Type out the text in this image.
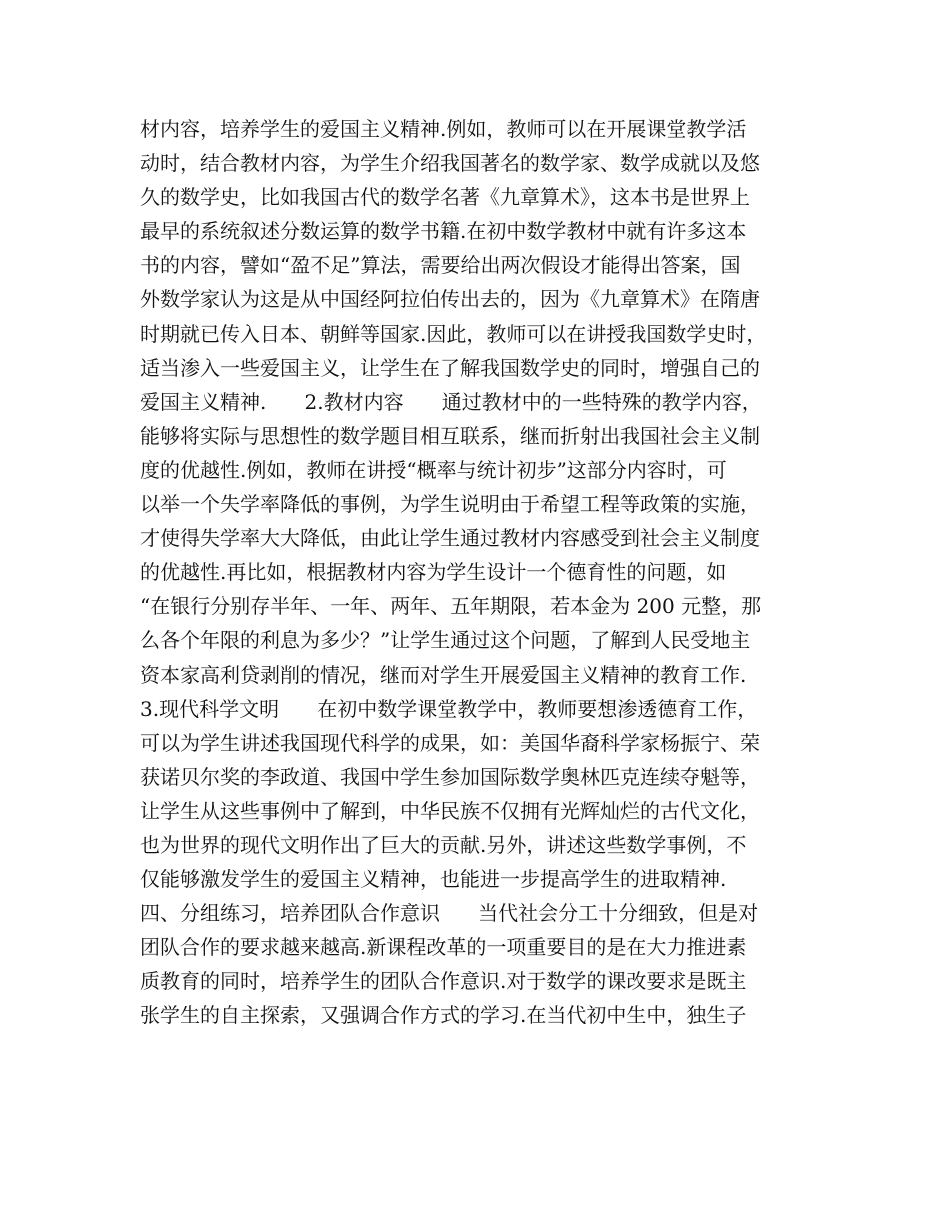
材内容，培养学生的爱国主义精神.例如，教师可以在开展课堂教学活
动时，结合教材内容，为学生介绍我国著名的数学家、数学成就以及悠
久的数学史，比如我国古代的数学名著《九章算术》，这本书是世界上
最早的系统叙述分数运算的数学书籍.在初中数学教材中就有许多这本
书的内容，譬如“盈不足”算法，需要给出两次假设才能得出答案，国
外数学家认为这是从中国经阿拉伯传出去的，因为《九章算术》在隋唐
时期就已传入日本、朝鲜等国家.因此，教师可以在讲授我国数学史时，
适当渗入一些爱国主义，让学生在了解我国数学史的同时，增强自己的
爱国主义精神.      2.教材内容      通过教材中的一些特殊的教学内容，
能够将实际与思想性的数学题目相互联系，继而折射出我国社会主义制
度的优越性.例如，教师在讲授“概率与统计初步”这部分内容时，可
以举一个失学率降低的事例，为学生说明由于希望工程等政策的实施，
才使得失学率大大降低，由此让学生通过教材内容感受到社会主义制度
的优越性.再比如，根据教材内容为学生设计一个德育性的问题，如
“在银行分别存半年、一年、两年、五年期限，若本金为 200 元整，那
么各个年限的利息为多少？”让学生通过这个问题，了解到人民受地主
资本家高利贷剥削的情况，继而对学生开展爱国主义精神的教育工作.
3.现代科学文明      在初中数学课堂教学中，教师要想渗透德育工作，
可以为学生讲述我国现代科学的成果，如：美国华裔科学家杨振宁、荣
获诺贝尔奖的李政道、我国中学生参加国际数学奥林匹克连续夺魁等，
让学生从这些事例中了解到，中华民族不仅拥有光辉灿烂的古代文化，
也为世界的现代文明作出了巨大的贡献.另外，讲述这些数学事例，不
仅能够激发学生的爱国主义精神，也能进一步提高学生的进取精神.
四、分组练习，培养团队合作意识      当代社会分工十分细致，但是对
团队合作的要求越来越高.新课程改革的一项重要目的是在大力推进素
质教育的同时，培养学生的团队合作意识.对于数学的课改要求是既主
张学生的自主探索，又强调合作方式的学习.在当代初中生中，独生子
